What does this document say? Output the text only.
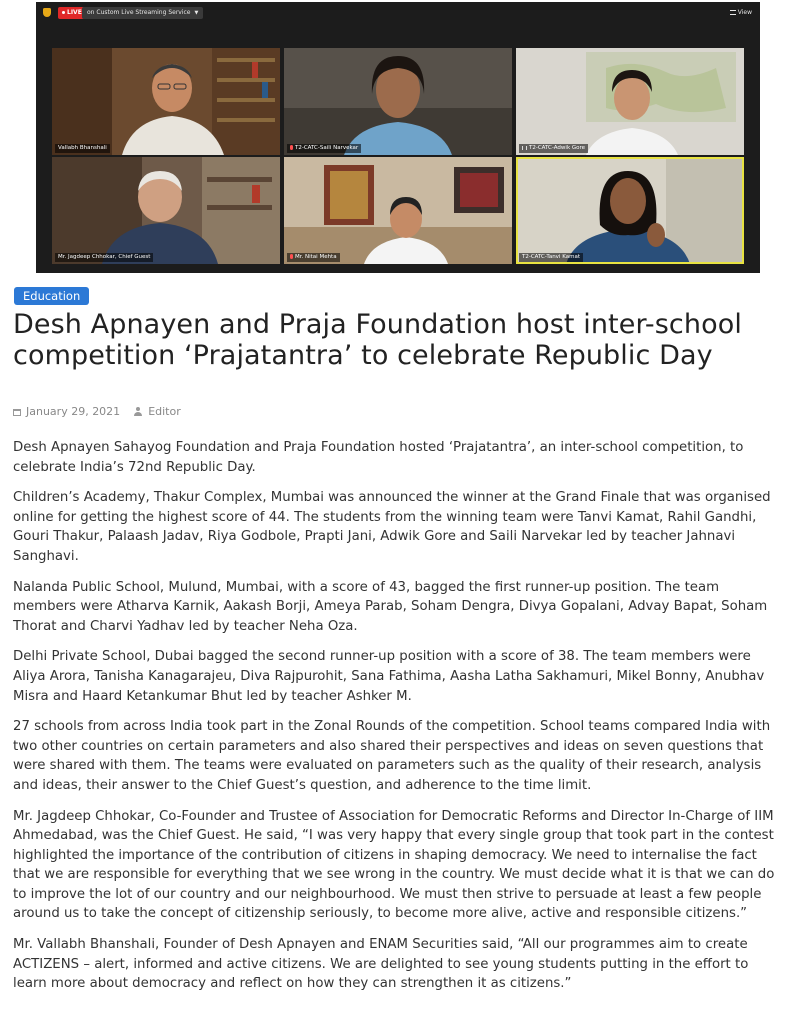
LIVE on Custom Live Streaming Service ▼	View
Vallabh Bhanshali	T2-CATC-Saili Narvekar	T2-CATC-Adwik Gore
Mr. Jagdeep Chhokar, Chief Guest	Mr. Nitai Mehta	T2-CATC-Tanvi Kamat
Education
Desh Apnayen and Praja Foundation host inter-school competition ‘Prajatantra’ to celebrate Republic Day
January 29, 2021	Editor

Desh Apnayen Sahayog Foundation and Praja Foundation hosted ‘Prajatantra’, an inter-school competition, to celebrate India’s 72nd Republic Day.

Children’s Academy, Thakur Complex, Mumbai was announced the winner at the Grand Finale that was organised online for getting the highest score of 44. The students from the winning team were Tanvi Kamat, Rahil Gandhi, Gouri Thakur, Palaash Jadav, Riya Godbole, Prapti Jani, Adwik Gore and Saili Narvekar led by teacher Jahnavi Sanghavi.

Nalanda Public School, Mulund, Mumbai, with a score of 43, bagged the first runner-up position. The team members were Atharva Karnik, Aakash Borji, Ameya Parab, Soham Dengra, Divya Gopalani, Advay Bapat, Soham Thorat and Charvi Yadhav led by teacher Neha Oza.

Delhi Private School, Dubai bagged the second runner-up position with a score of 38. The team members were Aliya Arora, Tanisha Kanagarajeu, Diva Rajpurohit, Sana Fathima, Aasha Latha Sakhamuri, Mikel Bonny, Anubhav Misra and Haard Ketankumar Bhut led by teacher Ashker M.

27 schools from across India took part in the Zonal Rounds of the competition. School teams compared India with two other countries on certain parameters and also shared their perspectives and ideas on seven questions that were shared with them. The teams were evaluated on parameters such as the quality of their research, analysis and ideas, their answer to the Chief Guest’s question, and adherence to the time limit.

Mr. Jagdeep Chhokar, Co-Founder and Trustee of Association for Democratic Reforms and Director In-Charge of IIM Ahmedabad, was the Chief Guest. He said, “I was very happy that every single group that took part in the contest highlighted the importance of the contribution of citizens in shaping democracy. We need to internalise the fact that we are responsible for everything that we see wrong in the country. We must decide what it is that we can do to improve the lot of our country and our neighbourhood. We must then strive to persuade at least a few people around us to take the concept of citizenship seriously, to become more alive, active and responsible citizens.”

Mr. Vallabh Bhanshali, Founder of Desh Apnayen and ENAM Securities said, “All our programmes aim to create ACTIZENS – alert, informed and active citizens. We are delighted to see young students putting in the effort to learn more about democracy and reflect on how they can strengthen it as citizens.”
